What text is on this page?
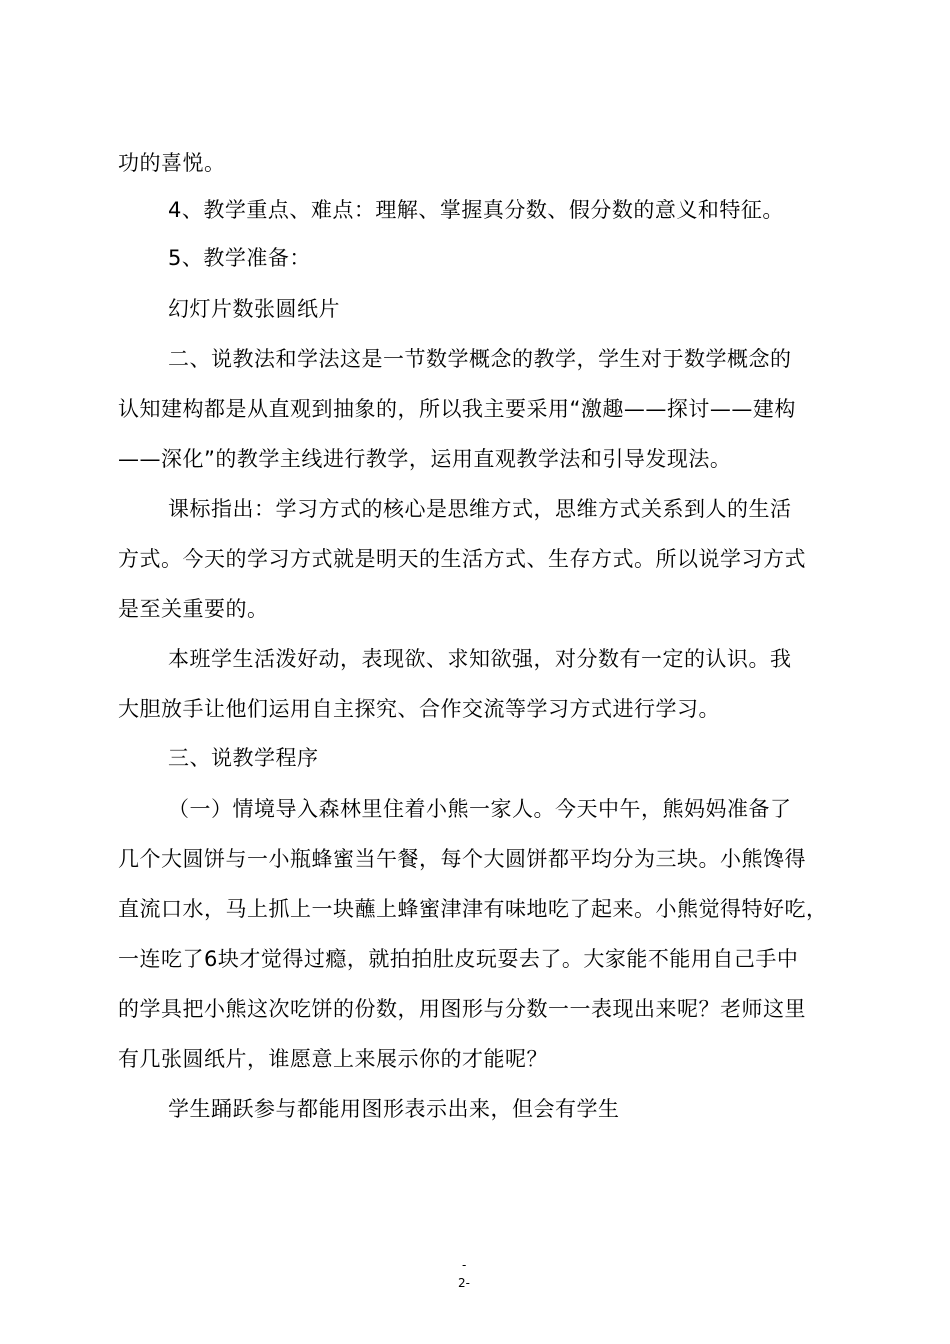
功的喜悦。
4、教学重点、难点：理解、掌握真分数、假分数的意义和特征。
5、教学准备：
幻灯片数张圆纸片
二、说教法和学法这是一节数学概念的教学，学生对于数学概念的
认知建构都是从直观到抽象的，所以我主要采用“激趣——探讨——建构
——深化”的教学主线进行教学，运用直观教学法和引导发现法。
课标指出：学习方式的核心是思维方式，思维方式关系到人的生活
方式。今天的学习方式就是明天的生活方式、生存方式。所以说学习方式
是至关重要的。
本班学生活泼好动，表现欲、求知欲强，对分数有一定的认识。我
大胆放手让他们运用自主探究、合作交流等学习方式进行学习。
三、说教学程序
（一）情境导入森林里住着小熊一家人。今天中午，熊妈妈准备了
几个大圆饼与一小瓶蜂蜜当午餐，每个大圆饼都平均分为三块。小熊馋得
直流口水，马上抓上一块蘸上蜂蜜津津有味地吃了起来。小熊觉得特好吃，
一连吃了6块才觉得过瘾，就拍拍肚皮玩耍去了。大家能不能用自己手中
的学具把小熊这次吃饼的份数，用图形与分数一一表现出来呢？老师这里
有几张圆纸片，谁愿意上来展示你的才能呢？
学生踊跃参与都能用图形表示出来，但会有学生
-
2-
